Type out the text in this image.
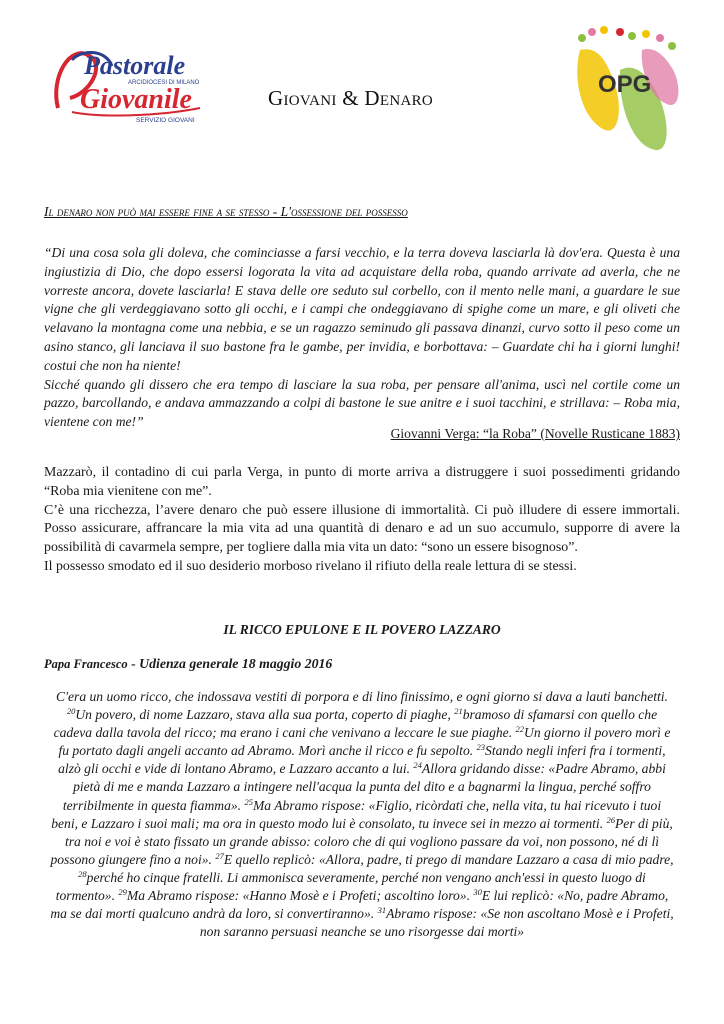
Pastorale
ARCIDIOCESI DI MILANO
Giovanile
SERVIZIO GIOVANI
Giovani & Denaro	OPG
Il denaro non può mai essere fine a se stesso - L'ossessione del possesso

“Di una cosa sola gli doleva, che cominciasse a farsi vecchio, e la terra doveva lasciarla là dov'era. Questa è una ingiustizia di Dio, che dopo essersi logorata la vita ad acquistare della roba, quando arrivate ad averla, che ne vorreste ancora, dovete lasciarla! E stava delle ore seduto sul corbello, con il mento nelle mani, a guardare le sue vigne che gli verdeggiavano sotto gli occhi, e i campi che ondeggiavano di spighe come un mare, e gli oliveti che velavano la montagna come una nebbia, e se un ragazzo seminudo gli passava dinanzi, curvo sotto il peso come un asino stanco, gli lanciava il suo bastone fra le gambe, per invidia, e borbottava: – Guardate chi ha i giorni lunghi! costui che non ha niente!

Sicché quando gli dissero che era tempo di lasciare la sua roba, per pensare all'anima, uscì nel cortile come un pazzo, barcollando, e andava ammazzando a colpi di bastone le sue anitre e i suoi tacchini, e strillava: – Roba mia, vientene con me!”

Giovanni Verga: “la Roba” (Novelle Rusticane 1883)

Mazzarò, il contadino di cui parla Verga, in punto di morte arriva a distruggere i suoi possedimenti gridando “Roba mia vienitene con me”.

C’è una ricchezza, l’avere denaro che può essere illusione di immortalità. Ci può illudere di essere immortali. Posso assicurare, affrancare la mia vita ad una quantità di denaro e ad un suo accumulo, supporre di avere la possibilità di cavarmela sempre, per togliere dalla mia vita un dato: “sono un essere bisognoso”.

Il possesso smodato ed il suo desiderio morboso rivelano il rifiuto della reale lettura di se stessi.

IL RICCO EPULONE E IL POVERO LAZZARO
Papa Francesco - Udienza generale 18 maggio 2016
C'era un uomo ricco, che indossava vestiti di porpora e di lino finissimo, e ogni giorno si dava a lauti banchetti. $^{20}$Un povero, di nome Lazzaro, stava alla sua porta, coperto di piaghe, $^{21}$bramoso di sfamarsi con quello che cadeva dalla tavola del ricco; ma erano i cani che venivano a leccare le sue piaghe. $^{22}$Un giorno il povero morì e fu portato dagli angeli accanto ad Abramo. Morì anche il ricco e fu sepolto. $^{23}$Stando negli inferi fra i tormenti, alzò gli occhi e vide di lontano Abramo, e Lazzaro accanto a lui. $^{24}$Allora gridando disse: «Padre Abramo, abbi pietà di me e manda Lazzaro a intingere nell'acqua la punta del dito e a bagnarmi la lingua, perché soffro terribilmente in questa fiamma». $^{25}$Ma Abramo rispose: «Figlio, ricòrdati che, nella vita, tu hai ricevuto i tuoi beni, e Lazzaro i suoi mali; ma ora in questo modo lui è consolato, tu invece sei in mezzo ai tormenti. $^{26}$Per di più, tra noi e voi è stato fissato un grande abisso: coloro che di qui vogliono passare da voi, non possono, né di lì possono giungere fino a noi». $^{27}$E quello replicò: «Allora, padre, ti prego di mandare Lazzaro a casa di mio padre, $^{28}$perché ho cinque fratelli. Li ammonisca severamente, perché non vengano anch'essi in questo luogo di tormento». $^{29}$Ma Abramo rispose: «Hanno Mosè e i Profeti; ascoltino loro». $^{30}$E lui replicò: «No, padre Abramo, ma se dai morti qualcuno andrà da loro, si convertiranno». $^{31}$Abramo rispose: «Se non ascoltano Mosè e i Profeti, non saranno persuasi neanche se uno risorgesse dai morti»
